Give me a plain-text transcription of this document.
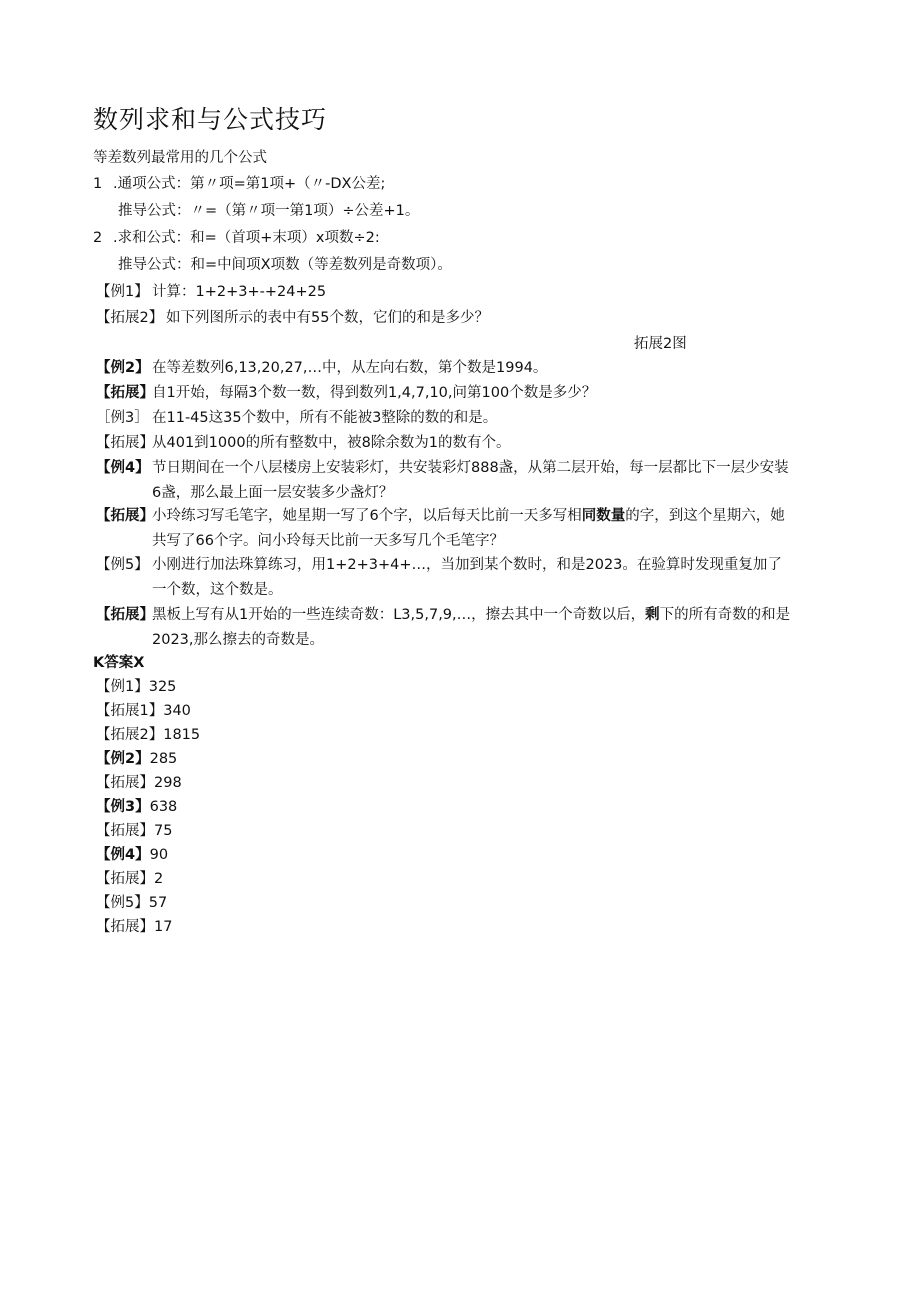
数列求和与公式技巧
等差数列最常用的几个公式
1 .通项公式：第〃项=第1项+（〃-DX公差;
推导公式：〃=（第〃项一第1项）÷公差+1。
2 .求和公式：和=（首项+末项）x项数÷2:
推导公式：和=中间项X项数（等差数列是奇数项）。
【例1】 计算：1+2+3+-+24+25
【拓展2】 如下列图所示的表中有55个数，它们的和是多少？
拓展2图
【例2】 在等差数列6,13,20,27,…中，从左向右数，第个数是1994。
【拓展】
自1开始，每隔3个数一数，得到数列1,4,7,10,问第100个数是多少？
［例3］ 在11-45这35个数中，所有不能被3整除的数的和是。
【拓展】
从401到1000的所有整数中，被8除余数为1的数有个。
【例4】 节日期间在一个八层楼房上安装彩灯，共安装彩灯888盏，从第二层开始，每一层都比下一层少安装6盏，那么最上面一层安装多少盏灯？
【拓展】
小玲练习写毛笔字，她星期一写了6个字，以后每天比前一天多写相同数量的字，到这个星期六，她共写了66个字。问小玲每天比前一天多写几个毛笔字？
【例5】 小刚进行加法珠算练习，用1+2+3+4+…，当加到某个数时，和是2023。在验算时发现重复加了一个数，这个数是。
【拓展】
黑板上写有从1开始的一些连续奇数：L3,5,7,9,…，擦去其中一个奇数以后，剩下的所有奇数的和是2023,那么擦去的奇数是。
K答案X
【例1】325
【拓展1】340
【拓展2】1815
【例2】285
【拓展】298
【例3】638
【拓展】75
【例4】90
【拓展】2
【例5】57
【拓展】17
